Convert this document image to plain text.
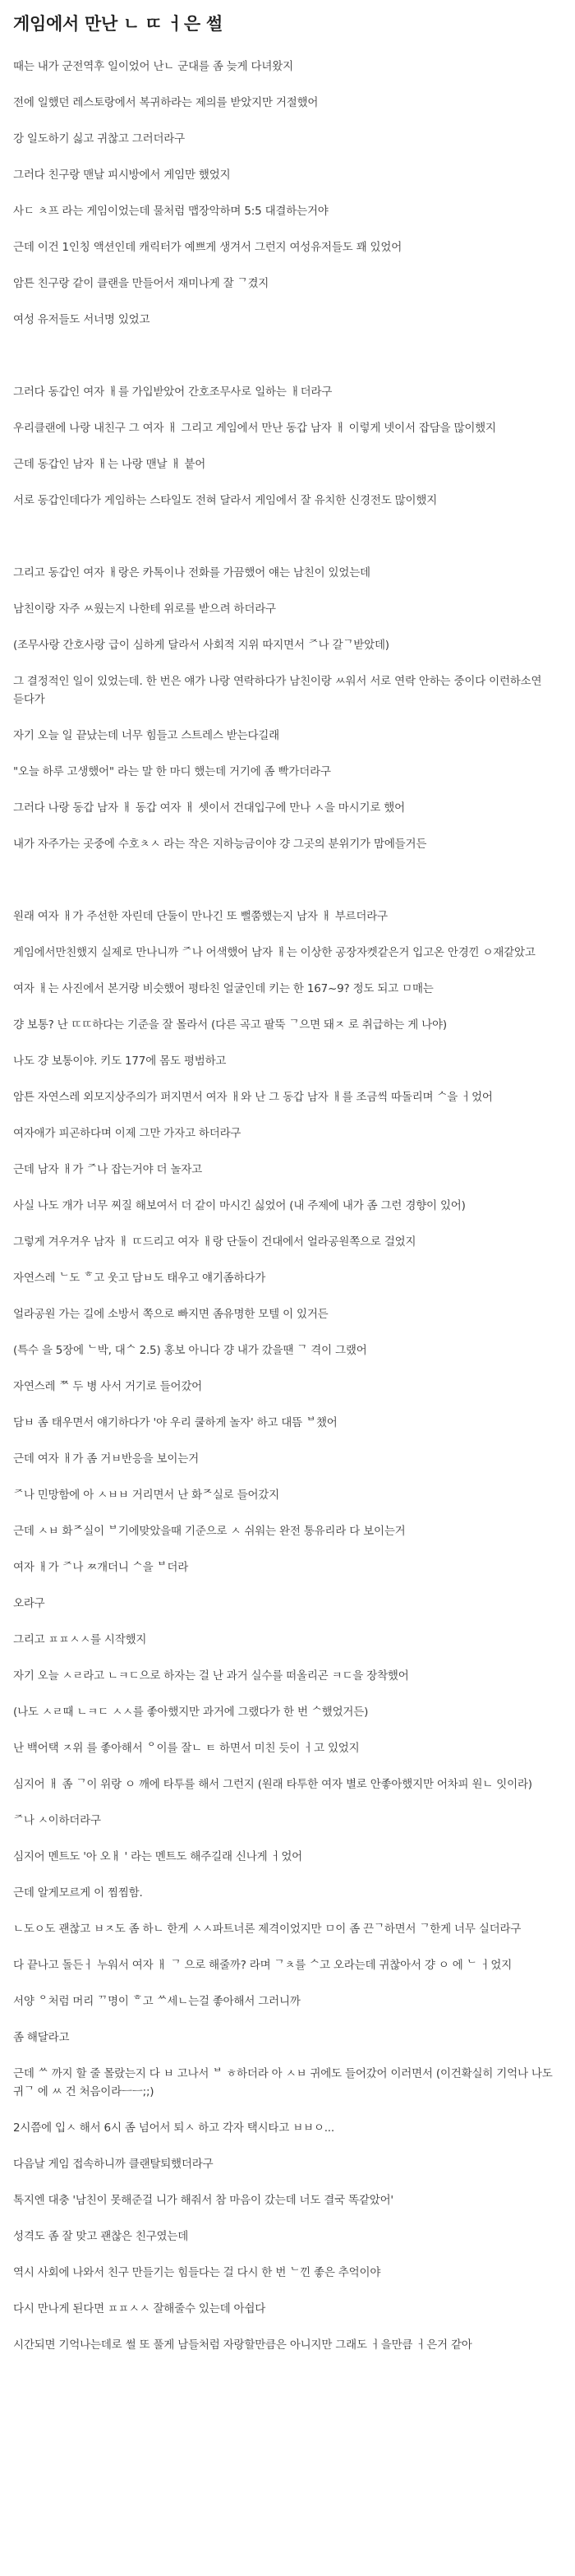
게임에서 만난 ㄴ ㄸ ㅓ은 썰
때는 내가 군전역후 일이었어 난ㄴ 군대를 좀 늦게 다녀왔지

전에 일했던 레스토랑에서 복귀하라는 제의를 받았지만 거절했어

강 일도하기 싫고 귀찮고 그러더라구

그러다 친구랑 맨날 피시방에서 게임만 했었지

사ㄷ ㅊ프 라는 게임이었는데 물처럼 맵장악하며 5:5 대결하는거야

근데 이건 1인칭 액션인데 캐릭터가 예쁘게 생겨서 그런지 여성유저들도 꽤 있었어

암튼 친구랑 같이 클랜을 만들어서 재미나게 잘 ᄀ겼지

여성 유저들도 서너명 있었고

그러다 동갑인 여자 ㅐ를 가입받았어 간호조무사로 일하는 ㅐ더라구

우리클랜에 나랑 내친구 그 여자 ㅐ 그리고 게임에서 만난 동갑 남자 ㅐ 이렇게 넷이서 잡담을 많이했지

근데 동갑인 남자 ㅐ는 나랑 맨날 ㅐ 붙어

서로 동갑인데다가 게임하는 스타일도 전혀 달라서 게임에서 잘 유치한 신경전도 많이했지

그리고 동갑인 여자 ㅐ랑은 카톡이나 전화를 가끔했어 얘는 남친이 있었는데

남친이랑 자주 ㅆ웠는지 나한테 위로를 받으려 하더라구

(조무사랑 간호사랑 급이 심하게 달라서 사회적 지위 따지면서 ᅎ나 갈ᄀ받았데)

그 결정적인 일이 있었는데. 한 번은 얘가 나랑 연락하다가 남친이랑 ㅆ워서 서로 연락 안하는 중이다 이런하소연 듣다가

자기 오늘 일 끝났는데 너무 힘들고 스트레스 받는다길래

"오늘 하루 고생했어" 라는 말 한 마디 했는데 거기에 좀 빡가더라구

그러다 나랑 동갑 남자 ㅐ 동갑 여자 ㅐ 셋이서 건대입구에 만나 ㅅ을 마시기로 했어

내가 자주가는 곳중에 수호ㅊㅅ 라는 작은 지하능금이야 걍 그곳의 분위기가 맘에들거든

원래 여자 ㅐ가 주선한 자린데 단둘이 만나긴 또 뻘쭘했는지 남자 ㅐ 부르더라구

게임에서만친했지 실제로 만나니까 ᅎ나 어색했어 남자 ㅐ는 이상한 공장자켓같은거 입고온 안경낀 ㅇ재같았고

여자 ㅐ는 사진에서 본거랑 비슷했어 평타친 얼굴인데 키는 한 167~9? 정도 되고 ㅁ매는

걍 보통? 난 ㄸㄸ하다는 기준을 잘 몰라서 (다른 곡고 팔뚝 ᄀ으면 돼ㅈ 로 취급하는 게 나야)

나도 걍 보통이야. 키도 177에 몸도 평범하고

암튼 자연스레 외모지상주의가 퍼지면서 여자 ㅐ와 난 그 동갑 남자 ㅐ를 조금씩 따돌리며 ᄉ을 ㅓ었어

여자애가 피곤하다며 이제 그만 가자고 하더라구

근데 남자 ㅐ가 ᅎ나 잡는거야 더 놀자고

사실 나도 개가 너무 찌질 해보여서 더 같이 마시긴 싫었어 (내 주제에 내가 좀 그런 경향이 있어)

그렇게 겨우겨우 남자 ㅐ ㄸ드리고 여자 ㅐ랑 단둘이 건대에서 얼라공원쪽으로 걸었지

자연스레 ᄂ도 ᄒ고 웃고 담ㅂ도 태우고 얘기좀하다가

얼라공원 가는 길에 소방서 쪽으로 빠지면 좀유명한 모텔 이 있거든

(특수 을 5장에 ᄂ박, 대ᄉ 2.5) 홍보 아니다 걍 내가 갔을땐 ᄀ 격이 그랬어

자연스레 ᄍ 두 병 사서 거기로 들어갔어

담ㅂ 좀 태우면서 얘기하다가 '야 우리 쿨하게 놀자' 하고 대뜸 ᄇ챘어

근데 여자 ㅐ가 좀 거ㅂ반응을 보이는거

ᅎ나 민망함에 아 ㅅㅂㅂ 거리면서 난 화ᄌ실로 들어갔지

근데 ㅅㅂ 화ᄌ실이 ᄇ기에맞았을때 기준으로 ㅅ 쉬워는 완전 통유리라 다 보이는거

여자 ㅐ가 ᅎ나 ㅉ개더니 ᄉ을 ᄇ더라

오라구

그리고 ㅍㅍㅅㅅ를 시작했지

자기 오늘 ㅅㄹ라고 ㄴㅋㄷ으로 하자는 걸 난 과거 실수를 떠올리곤 ㅋㄷ을 장착했어

(나도 ㅅㄹ때 ㄴㅋㄷ ㅅㅅ를 좋아했지만 과거에 그랬다가 한 번 ᄉ했었거든)

난 백어택 ㅈ위 를 좋아해서 ᄋ이를 잘ㄴ ㅌ 하면서 미친 듯이 ㅓ고 있었지

심지어 ㅐ 좀 ᄀ이 위랑 ㅇ 깨에 타투를 해서 그런지 (원래 타투한 여자 별로 안좋아했지만 어차피 원ㄴ 잇이라)

ᅎ나 ㅅ이하더라구

심지어 멘트도 '아 오ㅐ ' 라는 멘트도 해주길래 신나게 ㅓ었어

근데 알게모르게 이 찜찜함.

ㄴ도ㅇ도 괜찮고 ㅂㅈ도 좀 하ㄴ 한게 ㅅㅅ파트너론 제격이었지만 ㅁ이 좀 끈ᄀ하면서 ᄀ한게 너무 실더라구

다 끝나고 돌든ㅓ 누워서 여자 ㅐ ᄀ 으로 해줄까? 라며 ᄀㅊ를 ᄉ고 오라는데 귀찮아서 걍 ㅇ 에 ᄂ ㅓ었지

서양 ᄋ처럼 머리 ᄁ명이 ᄒ고 ᄊ세ㄴ는걸 좋아해서 그러니까

좀 해달라고

근데 ᄊ 까지 할 줄 몰랐는지 다 ㅂ 고나서 ᄇ ㅎ하더라 아 ㅅㅂ 귀에도 들어갔어 이러면서 (이건확실히 기억나 나도 귀ᄀ 에 ㅆ 건 처음이라ㅡㅡ;;)

2시쯤에 입ㅅ 해서 6시 좀 넘어서 퇴ㅅ 하고 각자 택시타고 ㅂㅂㅇ...

다음날 게임 접속하니까 클랜탈퇴했더라구

톡지엔 대충 '남친이 못해준걸 니가 해줘서 참 마음이 갔는데 너도 결국 똑같았어'

성격도 좀 잘 맞고 괜찮은 친구였는데

역시 사회에 나와서 친구 만들기는 힘들다는 걸 다시 한 번 ᄂ낀 좋은 추억이야

다시 만나게 된다면 ㅍㅍㅅㅅ 잘해줄수 있는데 아쉽다

시간되면 기억나는데로 썰 또 풀게 남들처럼 자랑할만큼은 아니지만 그래도 ㅓ을만큼 ㅓ은거 같아
